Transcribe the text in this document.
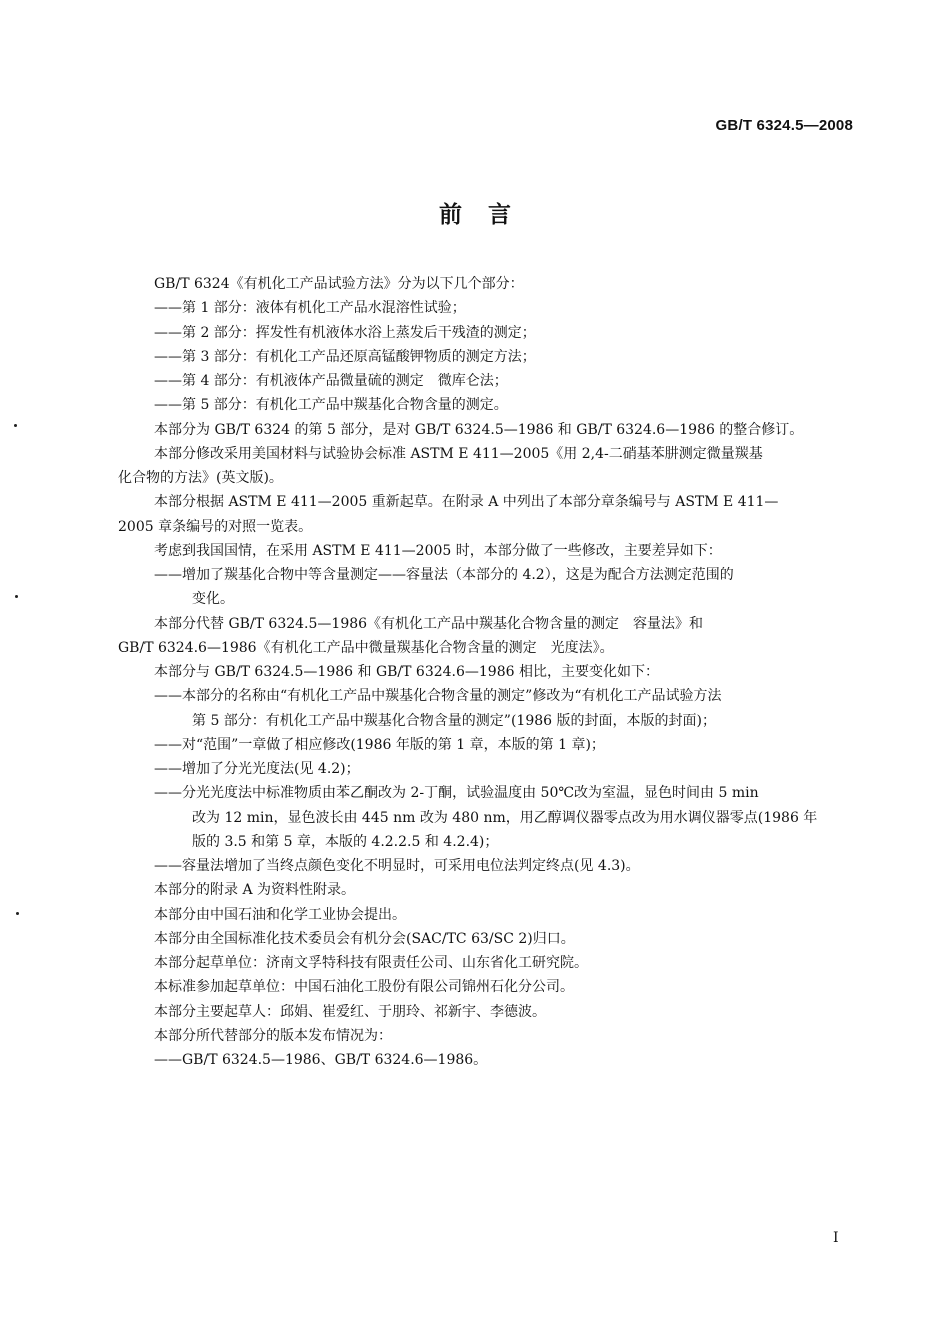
GB/T 6324.5—2008
前言
GB/T 6324《有机化工产品试验方法》分为以下几个部分：
——第 1 部分：液体有机化工产品水混溶性试验；
——第 2 部分：挥发性有机液体水浴上蒸发后干残渣的测定；
——第 3 部分：有机化工产品还原高锰酸钾物质的测定方法；
——第 4 部分：有机液体产品微量硫的测定　微库仑法；
——第 5 部分：有机化工产品中羰基化合物含量的测定。
本部分为 GB/T 6324 的第 5 部分，是对 GB/T 6324.5—1986 和 GB/T 6324.6—1986 的整合修订。
本部分修改采用美国材料与试验协会标准 ASTM E 411—2005《用 2,4-二硝基苯肼测定微量羰基
化合物的方法》(英文版)。
本部分根据 ASTM E 411—2005 重新起草。在附录 A 中列出了本部分章条编号与 ASTM E 411—
2005 章条编号的对照一览表。
考虑到我国国情，在采用 ASTM E 411—2005 时，本部分做了一些修改，主要差异如下：
——增加了羰基化合物中等含量测定——容量法（本部分的 4.2），这是为配合方法测定范围的
变化。
本部分代替 GB/T 6324.5—1986《有机化工产品中羰基化合物含量的测定　容量法》和
GB/T 6324.6—1986《有机化工产品中微量羰基化合物含量的测定　光度法》。
本部分与 GB/T 6324.5—1986 和 GB/T 6324.6—1986 相比，主要变化如下：
——本部分的名称由“有机化工产品中羰基化合物含量的测定”修改为“有机化工产品试验方法
第 5 部分：有机化工产品中羰基化合物含量的测定”(1986 版的封面，本版的封面)；
——对“范围”一章做了相应修改(1986 年版的第 1 章，本版的第 1 章)；
——增加了分光光度法(见 4.2)；
——分光光度法中标准物质由苯乙酮改为 2-丁酮，试验温度由 50℃改为室温，显色时间由 5 min
改为 12 min，显色波长由 445 nm 改为 480 nm，用乙醇调仪器零点改为用水调仪器零点(1986 年
版的 3.5 和第 5 章，本版的 4.2.2.5 和 4.2.4)；
——容量法增加了当终点颜色变化不明显时，可采用电位法判定终点(见 4.3)。
本部分的附录 A 为资料性附录。
本部分由中国石油和化学工业协会提出。
本部分由全国标准化技术委员会有机分会(SAC/TC 63/SC 2)归口。
本部分起草单位：济南文孚特科技有限责任公司、山东省化工研究院。
本标准参加起草单位：中国石油化工股份有限公司锦州石化分公司。
本部分主要起草人：邱娟、崔爱红、于朋玲、祁新宇、李德波。
本部分所代替部分的版本发布情况为：
——GB/T 6324.5—1986、GB/T 6324.6—1986。
I
